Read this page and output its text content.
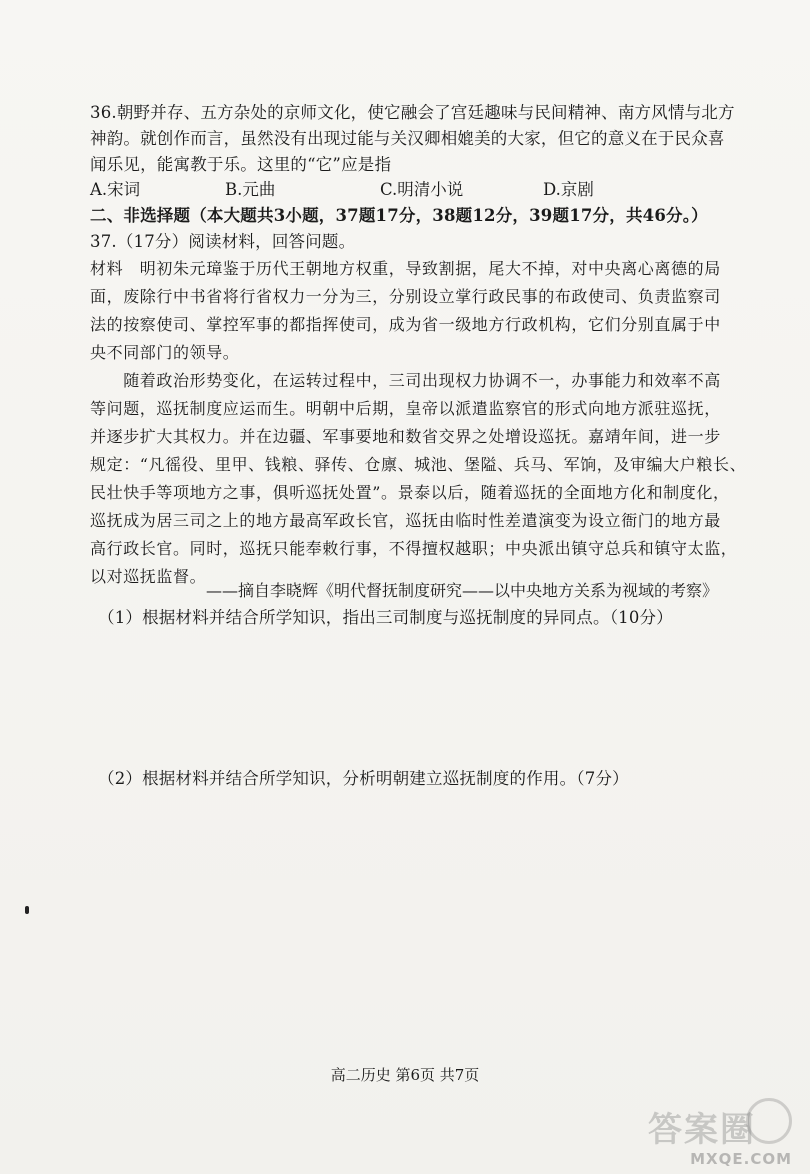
36.朝野并存、五方杂处的京师文化，使它融会了宫廷趣味与民间精神、南方风情与北方
神韵。就创作而言，虽然没有出现过能与关汉卿相媲美的大家，但它的意义在于民众喜
闻乐见，能寓教于乐。这里的“它”应是指
A.宋词	B.元曲	C.明清小说	D.京剧
二、非选择题（本大题共3小题，37题17分，38题12分，39题17分，共46分。）
37.（17分）阅读材料，回答问题。
材料　明初朱元璋鉴于历代王朝地方权重，导致割据，尾大不掉，对中央离心离德的局
面，废除行中书省将行省权力一分为三，分别设立掌行政民事的布政使司、负责监察司
法的按察使司、掌控军事的都指挥使司，成为省一级地方行政机构，它们分别直属于中
央不同部门的领导。
　　随着政治形势变化，在运转过程中，三司出现权力协调不一，办事能力和效率不高
等问题，巡抚制度应运而生。明朝中后期，皇帝以派遣监察官的形式向地方派驻巡抚，
并逐步扩大其权力。并在边疆、军事要地和数省交界之处增设巡抚。嘉靖年间，进一步
规定：“凡徭役、里甲、钱粮、驿传、仓廪、城池、堡隘、兵马、军饷，及审编大户粮长、
民壮快手等项地方之事，俱听巡抚处置”。景泰以后，随着巡抚的全面地方化和制度化，
巡抚成为居三司之上的地方最高军政长官，巡抚由临时性差遣演变为设立衙门的地方最
高行政长官。同时，巡抚只能奉敕行事，不得擅权越职；中央派出镇守总兵和镇守太监，
以对巡抚监督。
——摘自李晓辉《明代督抚制度研究——以中央地方关系为视域的考察》
（1）根据材料并结合所学知识，指出三司制度与巡抚制度的异同点。（10分）
（2）根据材料并结合所学知识，分析明朝建立巡抚制度的作用。（7分）
高二历史 第6页 共7页
答案圈
MXQE.COM
